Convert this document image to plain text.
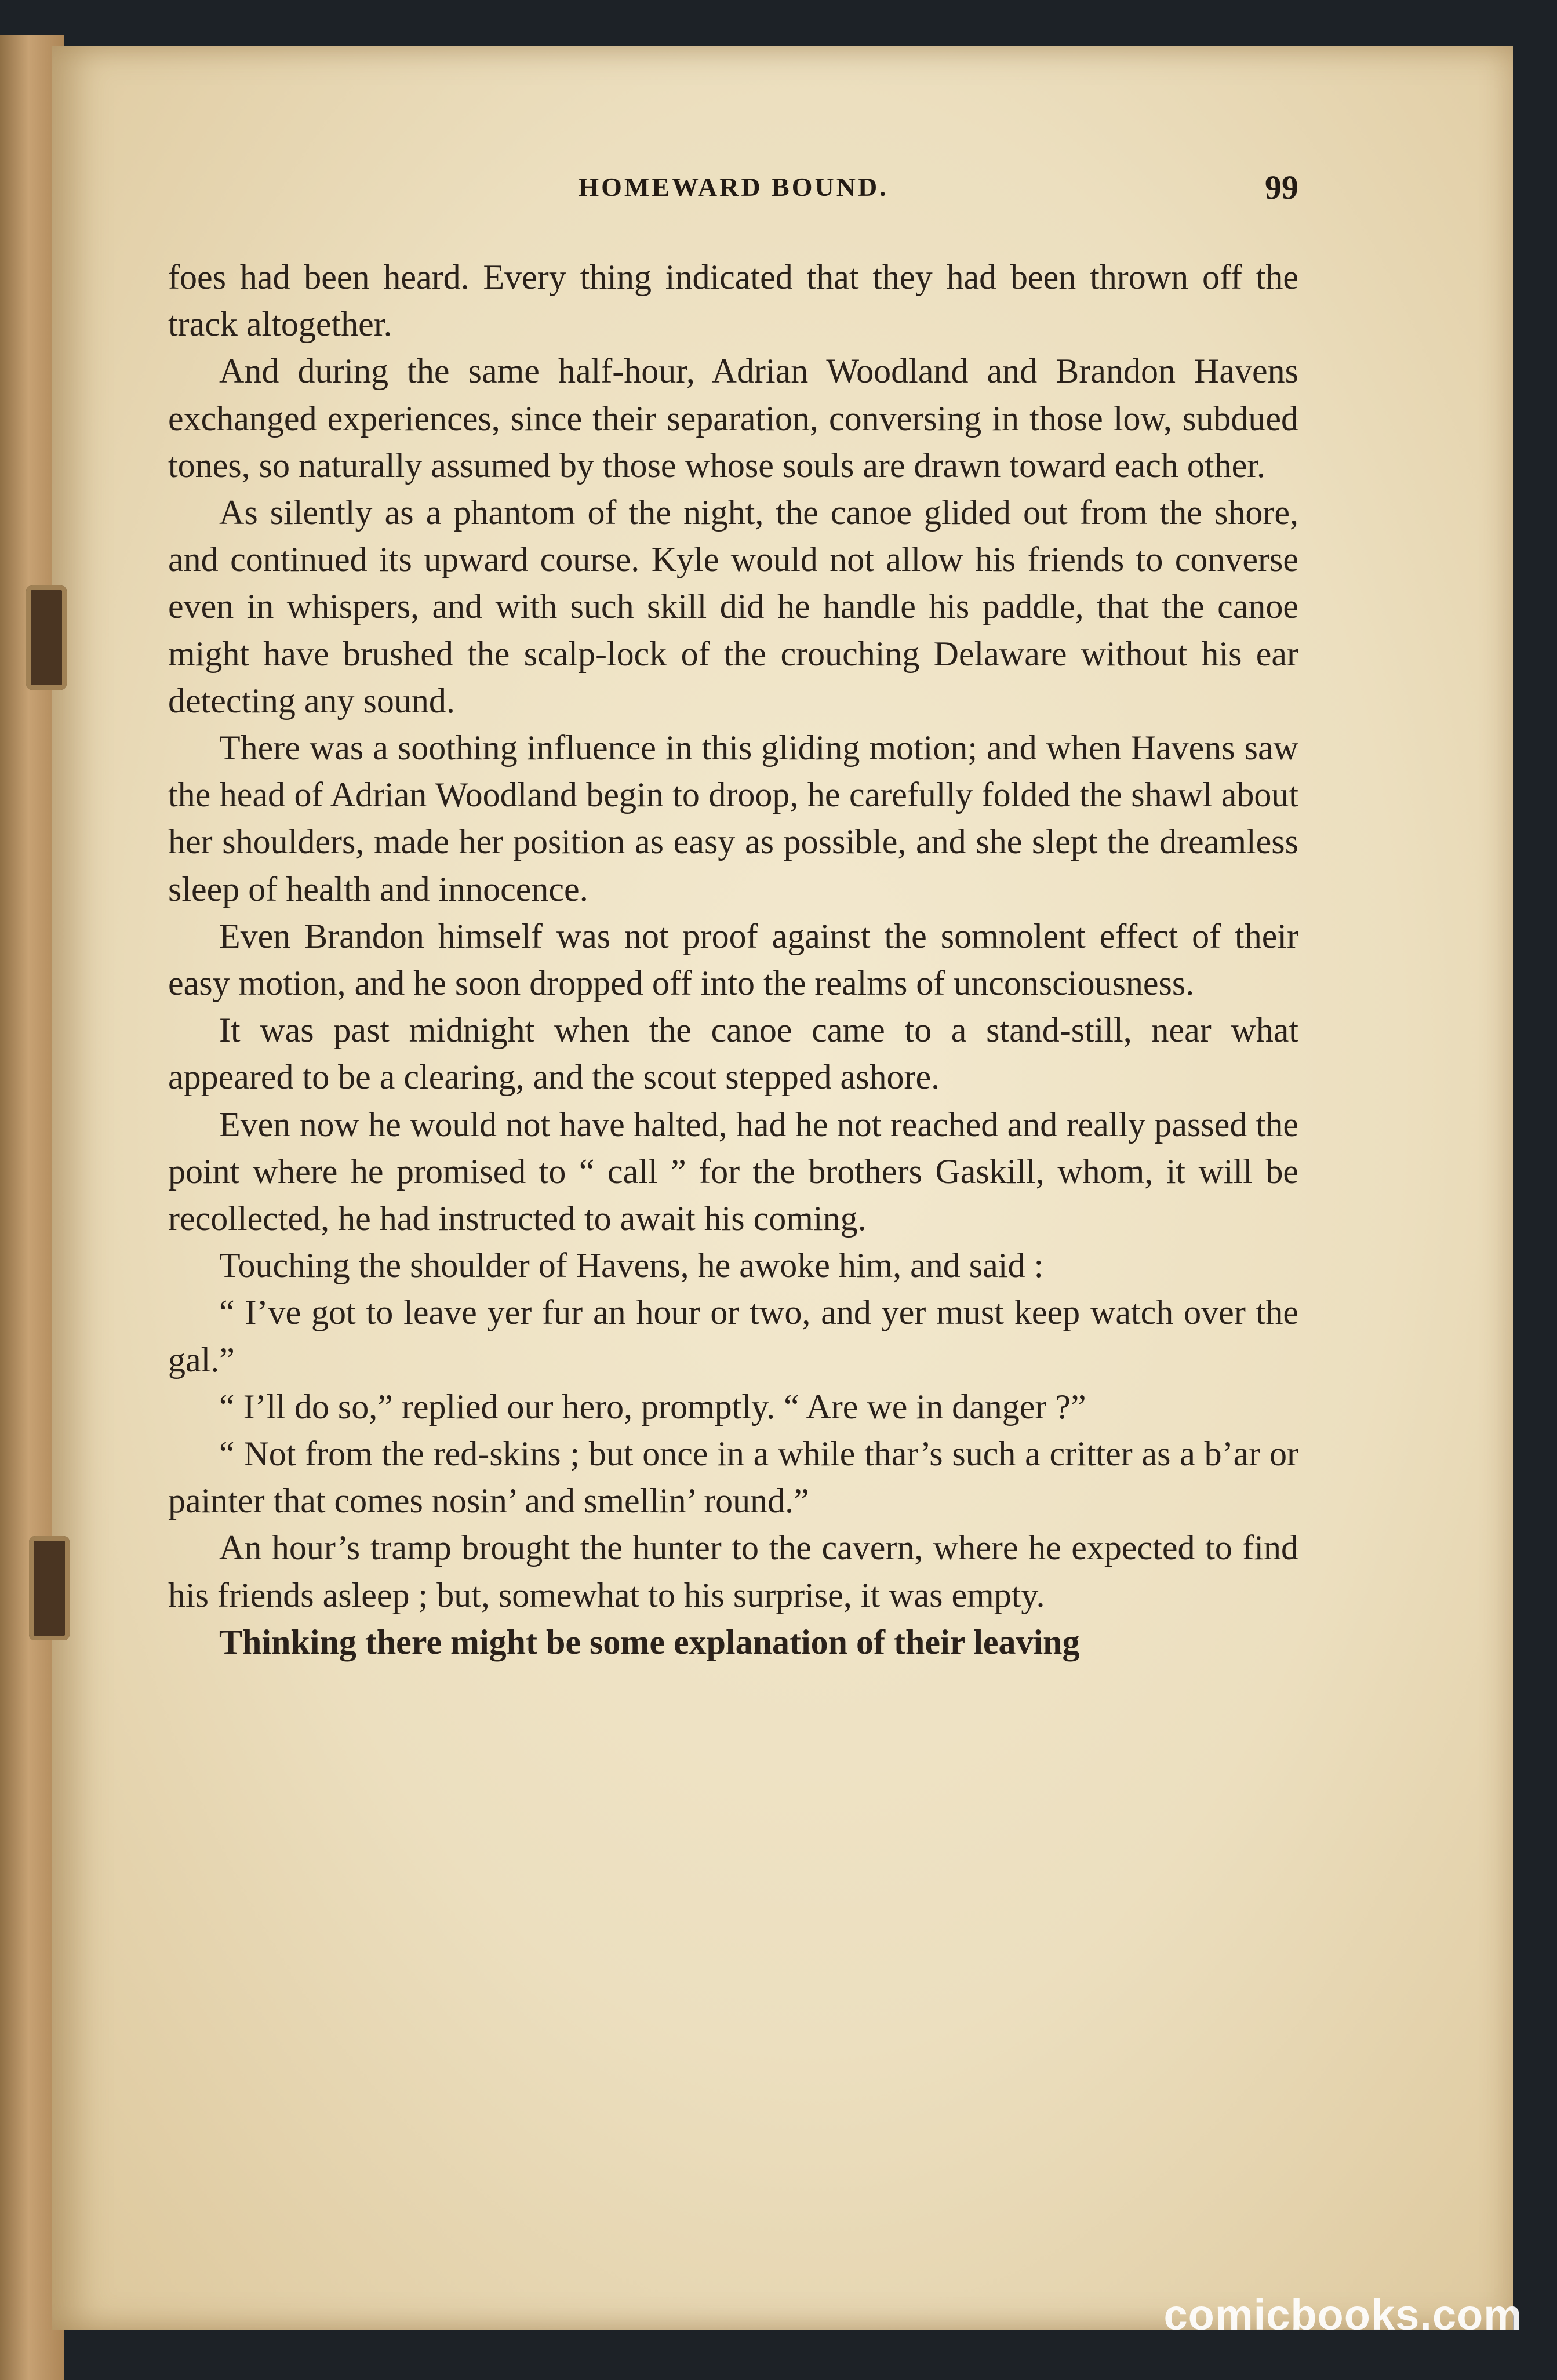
HOMEWARD BOUND.	99

foes had been heard. Every thing indicated that they had been thrown off the track altogether.

And during the same half-hour, Adrian Woodland and Brandon Havens exchanged experiences, since their separation, conversing in those low, subdued tones, so naturally assumed by those whose souls are drawn toward each other.

As silently as a phantom of the night, the canoe glided out from the shore, and continued its upward course. Kyle would not allow his friends to converse even in whispers, and with such skill did he handle his paddle, that the canoe might have brushed the scalp-lock of the crouching Delaware without his ear detecting any sound.

There was a soothing influence in this gliding motion; and when Havens saw the head of Adrian Woodland begin to droop, he carefully folded the shawl about her shoulders, made her position as easy as possible, and she slept the dreamless sleep of health and innocence.

Even Brandon himself was not proof against the somnolent effect of their easy motion, and he soon dropped off into the realms of unconsciousness.

It was past midnight when the canoe came to a stand-still, near what appeared to be a clearing, and the scout stepped ashore.

Even now he would not have halted, had he not reached and really passed the point where he promised to “ call ” for the brothers Gaskill, whom, it will be recollected, he had instructed to await his coming.

Touching the shoulder of Havens, he awoke him, and said :

“ I’ve got to leave yer fur an hour or two, and yer must keep watch over the gal.”

“ I’ll do so,” replied our hero, promptly. “ Are we in danger ?”

“ Not from the red-skins ; but once in a while thar’s such a critter as a b’ar or painter that comes nosin’ and smellin’ round.”

An hour’s tramp brought the hunter to the cavern, where he expected to find his friends asleep ; but, somewhat to his surprise, it was empty.

Thinking there might be some explanation of their leaving

comicbooks.com
